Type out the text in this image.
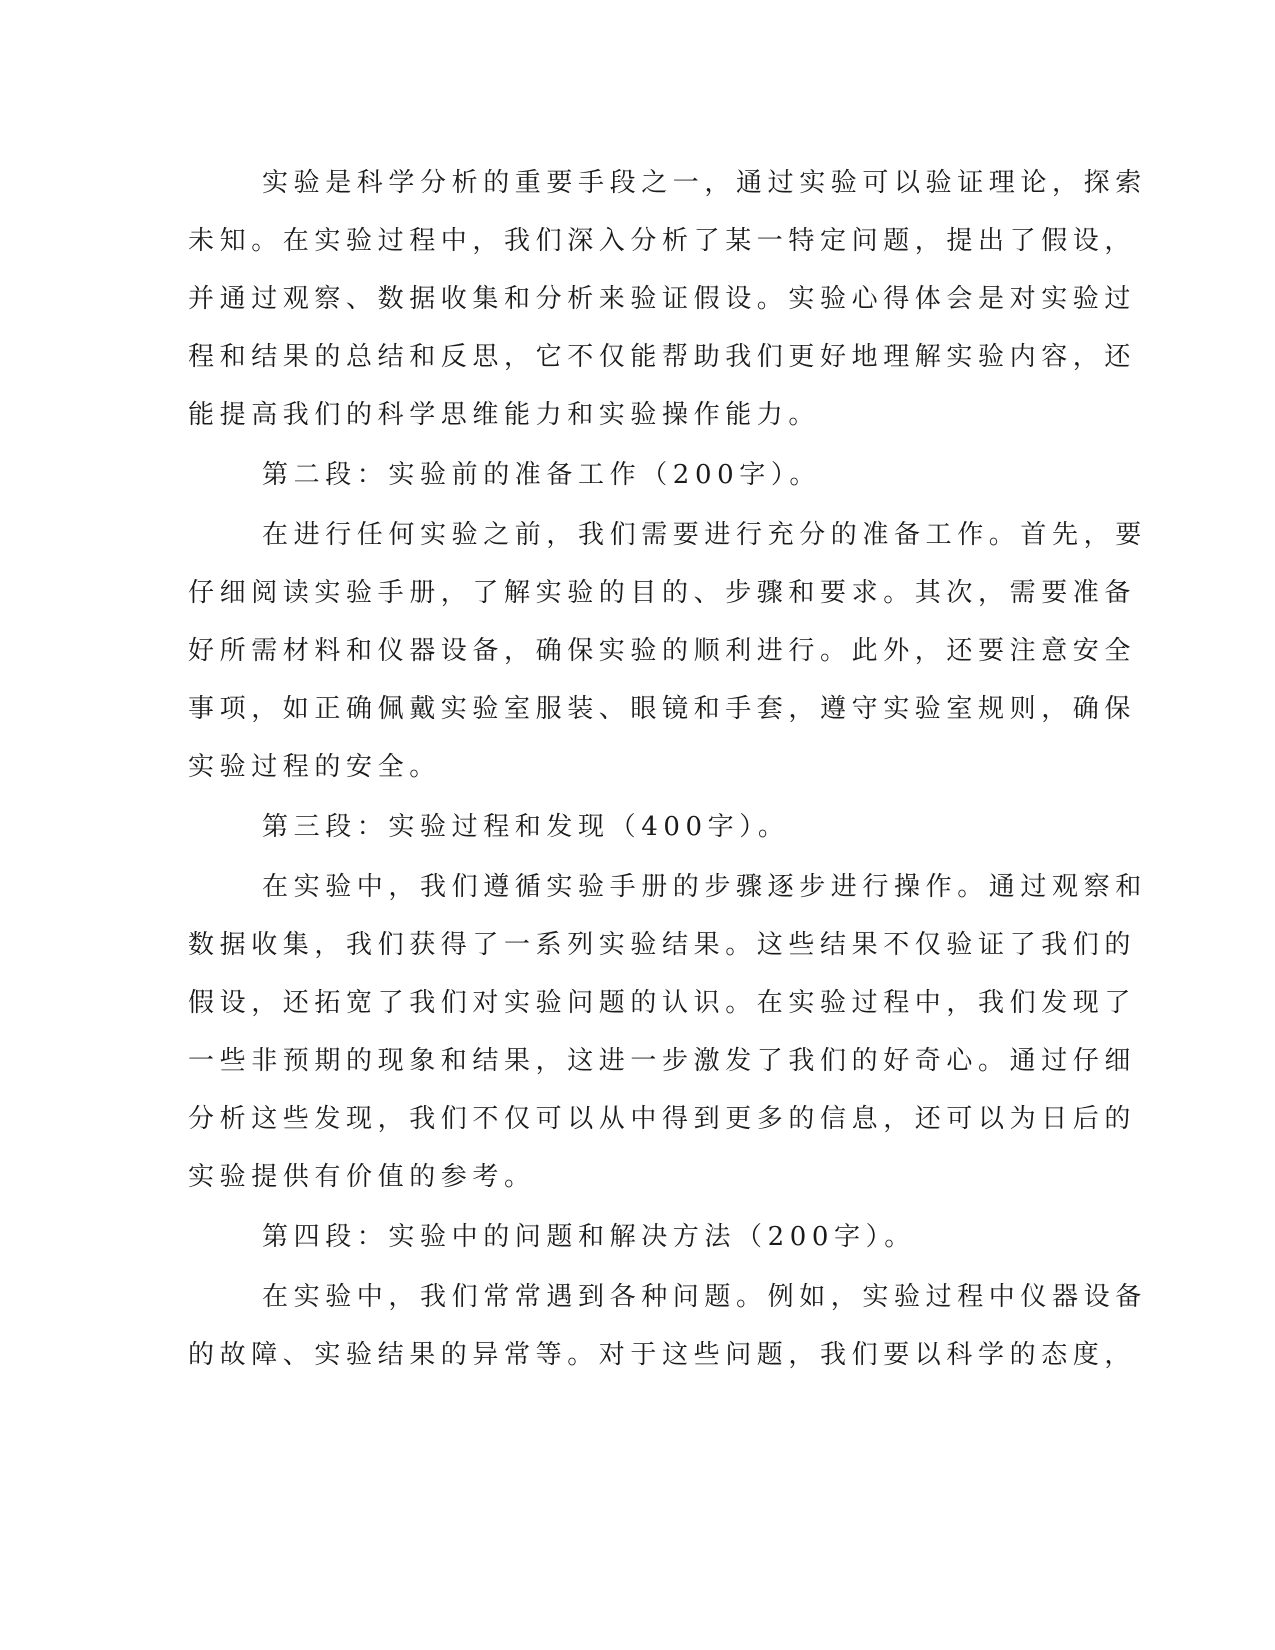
实验是科学分析的重要手段之一，通过实验可以验证理论，探索
未知。在实验过程中，我们深入分析了某一特定问题，提出了假设，
并通过观察、数据收集和分析来验证假设。实验心得体会是对实验过
程和结果的总结和反思，它不仅能帮助我们更好地理解实验内容，还
能提高我们的科学思维能力和实验操作能力。
第二段：实验前的准备工作（200字）。
在进行任何实验之前，我们需要进行充分的准备工作。首先，要
仔细阅读实验手册，了解实验的目的、步骤和要求。其次，需要准备
好所需材料和仪器设备，确保实验的顺利进行。此外，还要注意安全
事项，如正确佩戴实验室服装、眼镜和手套，遵守实验室规则，确保
实验过程的安全。
第三段：实验过程和发现（400字）。
在实验中，我们遵循实验手册的步骤逐步进行操作。通过观察和
数据收集，我们获得了一系列实验结果。这些结果不仅验证了我们的
假设，还拓宽了我们对实验问题的认识。在实验过程中，我们发现了
一些非预期的现象和结果，这进一步激发了我们的好奇心。通过仔细
分析这些发现，我们不仅可以从中得到更多的信息，还可以为日后的
实验提供有价值的参考。
第四段：实验中的问题和解决方法（200字）。
在实验中，我们常常遇到各种问题。例如，实验过程中仪器设备
的故障、实验结果的异常等。对于这些问题，我们要以科学的态度，
